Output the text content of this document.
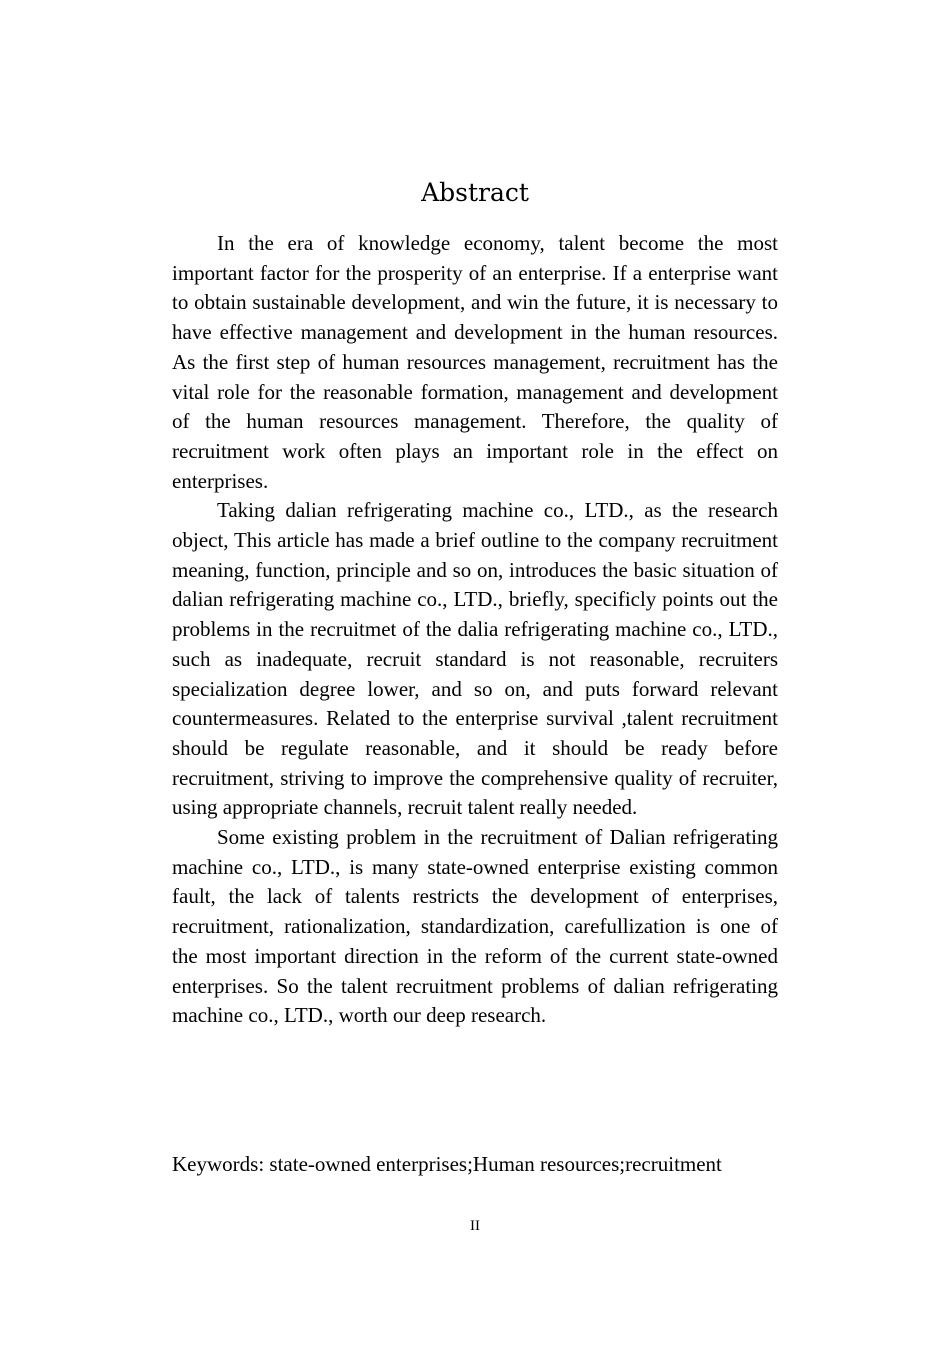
Abstract

In the era of knowledge economy, talent become the most important factor for the prosperity of an enterprise. If a enterprise want to obtain sustainable development, and win the future, it is necessary to have effective management and development in the human resources. As the first step of human resources management, recruitment has the vital role for the reasonable formation, management and development of the human resources management. Therefore, the quality of recruitment work often plays an important role in the effect on enterprises.

Taking dalian refrigerating machine co., LTD., as the research object, This article has made a brief outline to the company recruitment meaning, function, principle and so on, introduces the basic situation of dalian refrigerating machine co., LTD., briefly, specificly points out the problems in the recruitmet of the dalia refrigerating machine co., LTD., such as inadequate, recruit standard is not reasonable, recruiters specialization degree lower, and so on, and puts forward relevant countermeasures. Related to the enterprise survival ,talent recruitment should be regulate reasonable, and it should be ready before recruitment, striving to improve the comprehensive quality of recruiter, using appropriate channels, recruit talent really needed.

Some existing problem in the recruitment of Dalian refrigerating machine co., LTD., is many state-owned enterprise existing common fault, the lack of talents restricts the development of enterprises, recruitment, rationalization, standardization, carefullization is one of the most important direction in the reform of the current state-owned enterprises. So the talent recruitment problems of dalian refrigerating machine co., LTD., worth our deep research.

Keywords: state-owned enterprises;Human resources;recruitment
II
